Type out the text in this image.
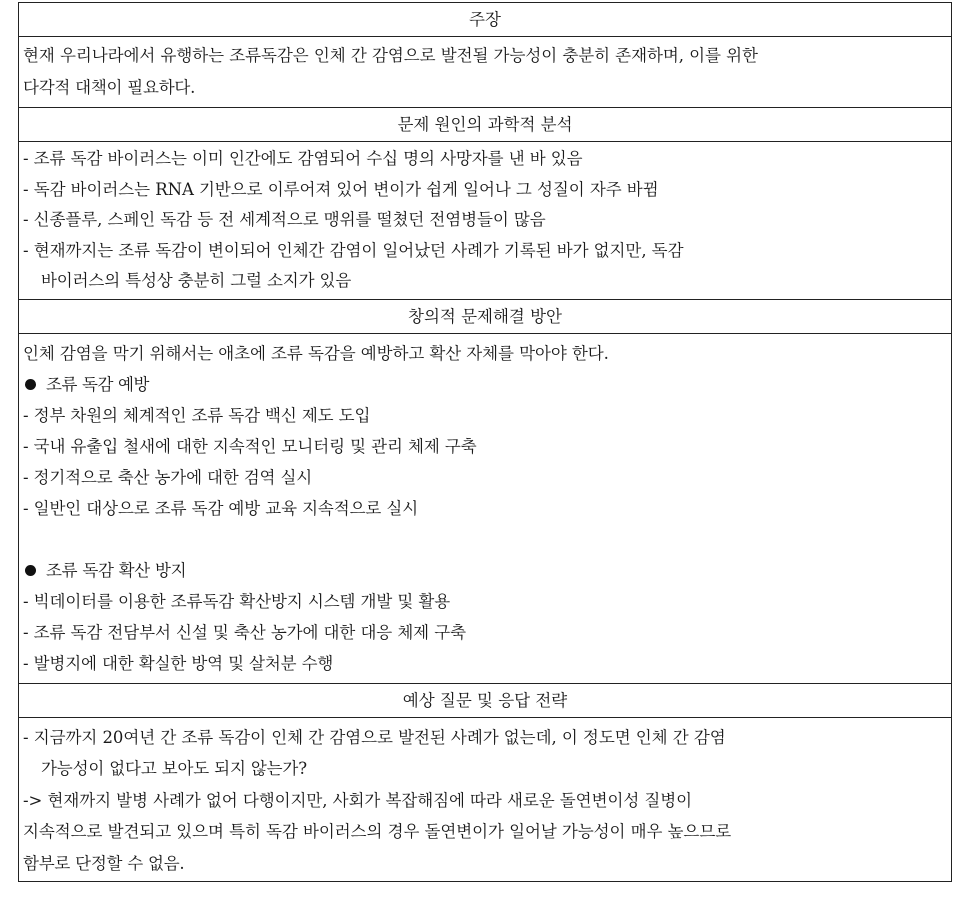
주장
현재 우리나라에서 유행하는 조류독감은 인체 간 감염으로 발전될 가능성이 충분히 존재하며, 이를 위한
다각적 대책이 필요하다.
문제 원인의 과학적 분석
- 조류 독감 바이러스는 이미 인간에도 감염되어 수십 명의 사망자를 낸 바 있음
- 독감 바이러스는 RNA 기반으로 이루어져 있어 변이가 쉽게 일어나 그 성질이 자주 바뀜
- 신종플루, 스페인 독감 등 전 세계적으로 맹위를 떨쳤던 전염병들이 많음
- 현재까지는 조류 독감이 변이되어 인체간 감염이 일어났던 사례가 기록된 바가 없지만, 독감
바이러스의 특성상 충분히 그럴 소지가 있음
창의적 문제해결 방안
인체 감염을 막기 위해서는 애초에 조류 독감을 예방하고 확산 자체를 막아야 한다.
조류 독감 예방
- 정부 차원의 체계적인 조류 독감 백신 제도 도입
- 국내 유출입 철새에 대한 지속적인 모니터링 및 관리 체제 구축
- 정기적으로 축산 농가에 대한 검역 실시
- 일반인 대상으로 조류 독감 예방 교육 지속적으로 실시
조류 독감 확산 방지
- 빅데이터를 이용한 조류독감 확산방지 시스템 개발 및 활용
- 조류 독감 전담부서 신설 및 축산 농가에 대한 대응 체제 구축
- 발병지에 대한 확실한 방역 및 살처분 수행
예상 질문 및 응답 전략
- 지금까지 20여년 간 조류 독감이 인체 간 감염으로 발전된 사례가 없는데, 이 정도면 인체 간 감염
가능성이 없다고 보아도 되지 않는가?
-> 현재까지 발병 사례가 없어 다행이지만, 사회가 복잡해짐에 따라 새로운 돌연변이성 질병이
지속적으로 발견되고 있으며 특히 독감 바이러스의 경우 돌연변이가 일어날 가능성이 매우 높으므로
함부로 단정할 수 없음.
